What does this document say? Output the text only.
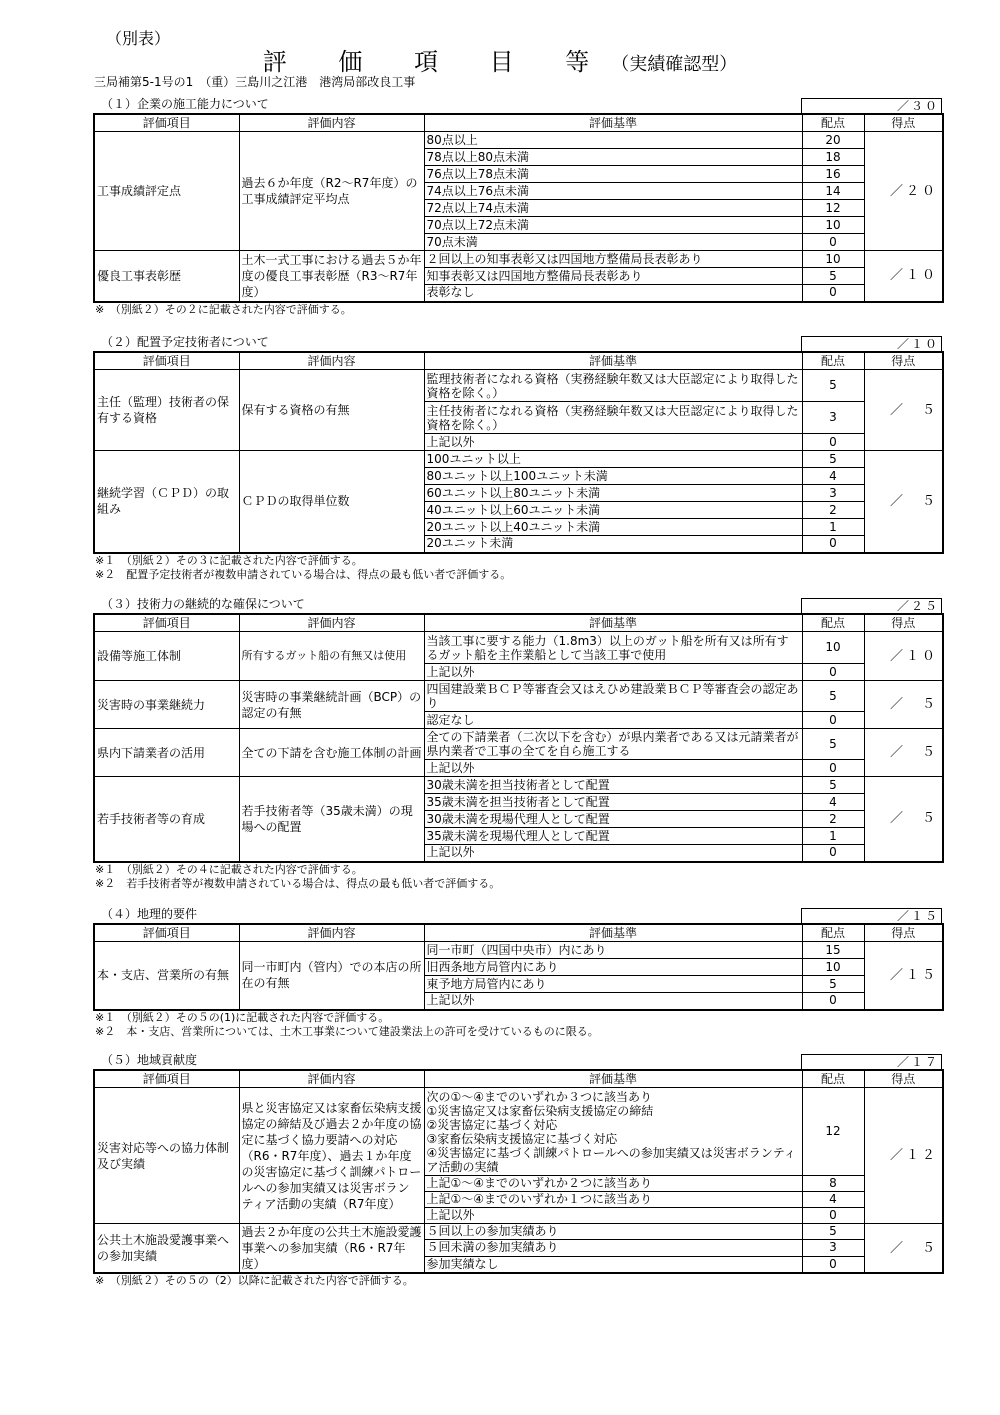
（別表）
評 価 項 目 等（実績確認型）
三局補第5-1号の1　（重）三島川之江港　港湾局部改良工事
（１）企業の施工能力について	／３０
評価項目	評価内容	評価基準	配点	得点
工事成績評定点	過去６か年度（R2～R7年度）の工事成績評定平均点	80点以上	20	／２０
		78点以上80点未満	18	
		76点以上78点未満	16	
		74点以上76点未満	14	
		72点以上74点未満	12	
		70点以上72点未満	10	
		70点未満	0	
優良工事表彰歴	土木一式工事における過去５か年度の優良工事表彰歴（R3～R7年度）	２回以上の知事表彰又は四国地方整備局長表彰あり	10	／１０
		知事表彰又は四国地方整備局長表彰あり	5	
		表彰なし	0	
※　（別紙２）その２に記載された内容で評価する。
（２）配置予定技術者について	／１０
評価項目	評価内容	評価基準	配点	得点
主任（監理）技術者の保有する資格	保有する資格の有無	監理技術者になれる資格（実務経験年数又は大臣認定により取得した資格を除く。）	5	／　５
		主任技術者になれる資格（実務経験年数又は大臣認定により取得した資格を除く。）	3	
		上記以外	0	
継続学習（ＣＰＤ）の取組み	ＣＰＤの取得単位数	100ユニット以上	5	／　５
		80ユニット以上100ユニット未満	4	
		60ユニット以上80ユニット未満	3	
		40ユニット以上60ユニット未満	2	
		20ユニット以上40ユニット未満	1	
		20ユニット未満	0	
※１　（別紙２）その３に記載された内容で評価する。
※２　配置予定技術者が複数申請されている場合は、得点の最も低い者で評価する。
（３）技術力の継続的な確保について	／２５
評価項目	評価内容	評価基準	配点	得点
設備等施工体制	所有するガット船の有無又は使用	当該工事に要する能力（1.8m3）以上のガット船を所有又は所有するガット船を主作業船として当該工事で使用	10	／１０
		上記以外	0	
災害時の事業継続力	災害時の事業継続計画（BCP）の認定の有無	四国建設業ＢＣＰ等審査会又はえひめ建設業ＢＣＰ等審査会の認定あり	5	／　５
		認定なし	0	
県内下請業者の活用	全ての下請を含む施工体制の計画	全ての下請業者（二次以下を含む）が県内業者である又は元請業者が県内業者で工事の全てを自ら施工する	5	／　５
		上記以外	0	
若手技術者等の育成	若手技術者等（35歳未満）の現場への配置	30歳未満を担当技術者として配置	5	／　５
		35歳未満を担当技術者として配置	4	
		30歳未満を現場代理人として配置	2	
		35歳未満を現場代理人として配置	1	
		上記以外	0	
※１　（別紙２）その４に記載された内容で評価する。
※２　若手技術者等が複数申請されている場合は、得点の最も低い者で評価する。
（４）地理的要件	／１５
評価項目	評価内容	評価基準	配点	得点
本・支店、営業所の有無	同一市町内（管内）での本店の所在の有無	同一市町（四国中央市）内にあり	15	／１５
		旧西条地方局管内にあり	10	
		東予地方局管内にあり	5	
		上記以外	0	
※１　（別紙２）その５の(1)に記載された内容で評価する。
※２　本・支店、営業所については、土木工事業について建設業法上の許可を受けているものに限る。
（５）地域貢献度	／１７
評価項目	評価内容	評価基準	配点	得点
災害対応等への協力体制及び実績	県と災害協定又は家畜伝染病支援協定の締結及び過去２か年度の協定に基づく協力要請への対応（R6・R7年度）、過去１か年度の災害協定に基づく訓練パトロールへの参加実績又は災害ボランティア活動の実績（R7年度）	次の①～④までのいずれか３つに該当あり
①災害協定又は家畜伝染病支援協定の締結
②災害協定に基づく対応
③家畜伝染病支援協定に基づく対応
④災害協定に基づく訓練パトロールへの参加実績又は災害ボランティア活動の実績	12	／１２
		上記①～④までのいずれか２つに該当あり	8	
		上記①～④までのいずれか１つに該当あり	4	
		上記以外	0	
公共土木施設愛護事業への参加実績	過去２か年度の公共土木施設愛護事業への参加実績（R6・R7年度）	５回以上の参加実績あり	5	／　５
		５回未満の参加実績あり	3	
		参加実績なし	0	
※　（別紙２）その５の（2）以降に記載された内容で評価する。
